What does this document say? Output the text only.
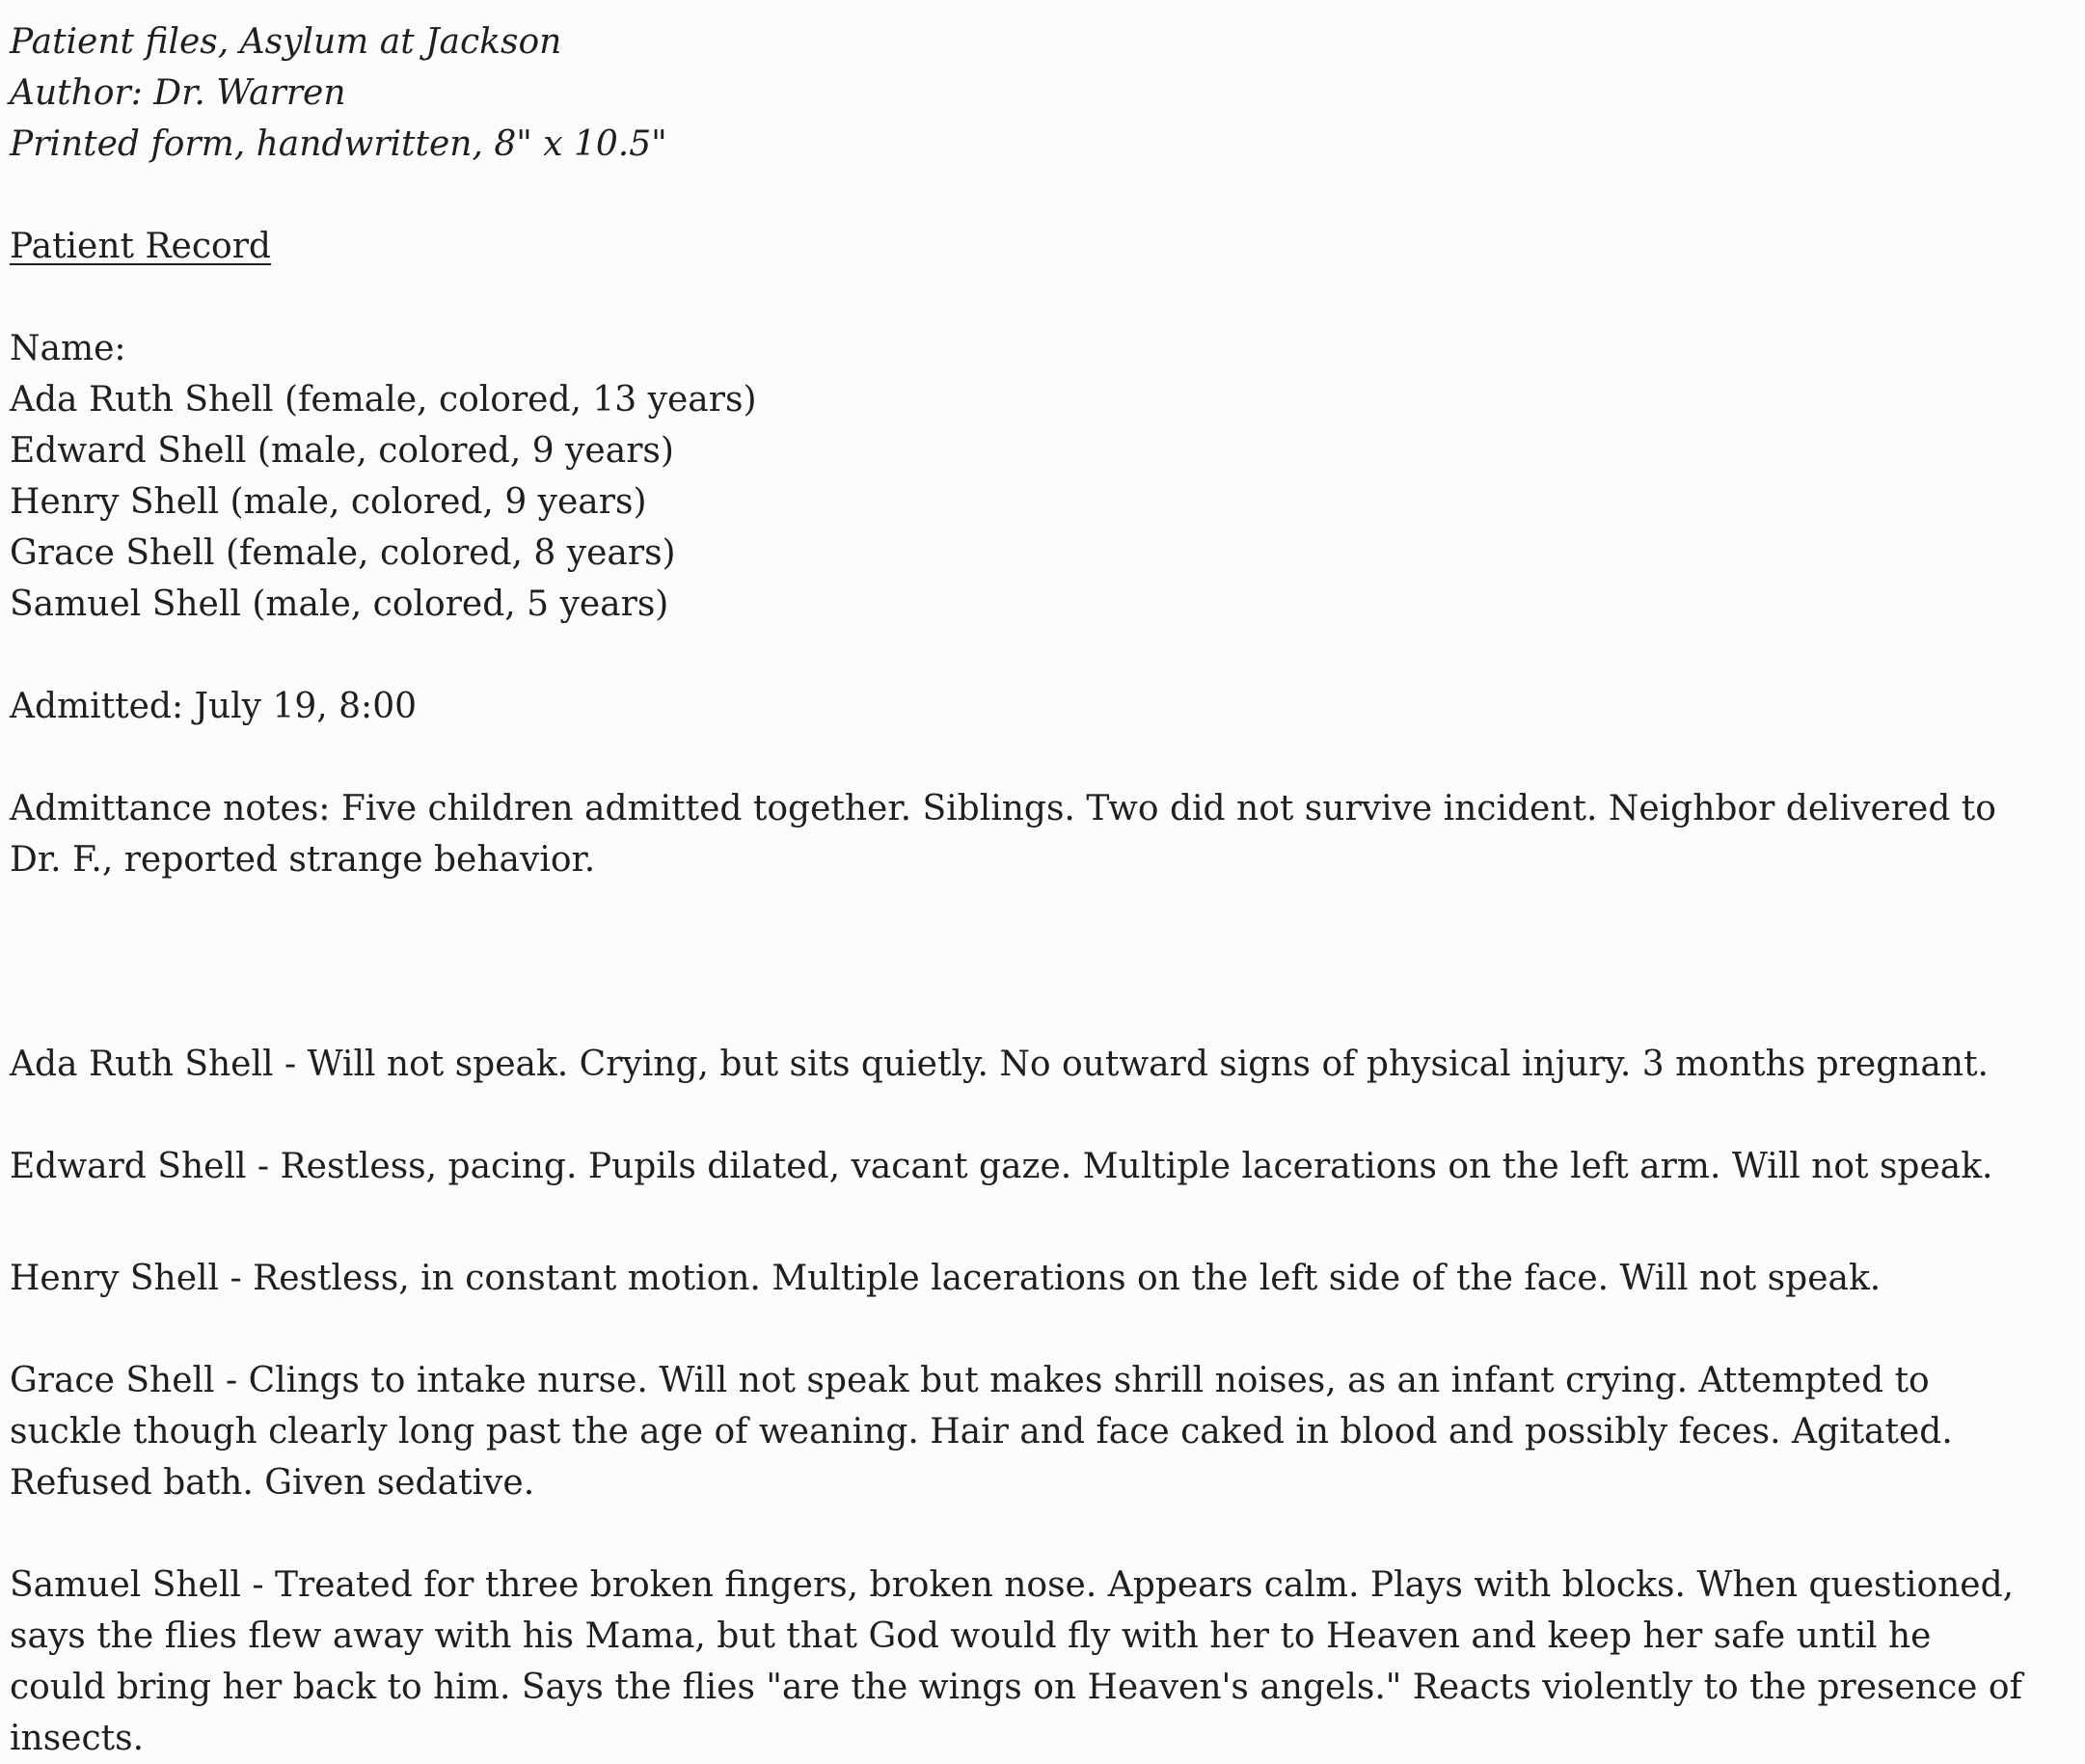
Patient files, Asylum at Jackson

Author: Dr. Warren

Printed form, handwritten, 8" x 10.5"

Patient Record

Name:

Ada Ruth Shell (female, colored, 13 years)

Edward Shell (male, colored, 9 years)

Henry Shell (male, colored, 9 years)

Grace Shell (female, colored, 8 years)

Samuel Shell (male, colored, 5 years)

Admitted: July 19, 8:00

Admittance notes: Five children admitted together. Siblings. Two did not survive incident. Neighbor delivered to

Dr. F., reported strange behavior.

Ada Ruth Shell - Will not speak. Crying, but sits quietly. No outward signs of physical injury. 3 months pregnant.

Edward Shell - Restless, pacing. Pupils dilated, vacant gaze. Multiple lacerations on the left arm. Will not speak.

Henry Shell - Restless, in constant motion. Multiple lacerations on the left side of the face. Will not speak.

Grace Shell - Clings to intake nurse. Will not speak but makes shrill noises, as an infant crying. Attempted to

suckle though clearly long past the age of weaning. Hair and face caked in blood and possibly feces. Agitated.

Refused bath. Given sedative.

Samuel Shell - Treated for three broken fingers, broken nose. Appears calm. Plays with blocks. When questioned,

says the flies flew away with his Mama, but that God would fly with her to Heaven and keep her safe until he

could bring her back to him. Says the flies "are the wings on Heaven's angels." Reacts violently to the presence of

insects.
